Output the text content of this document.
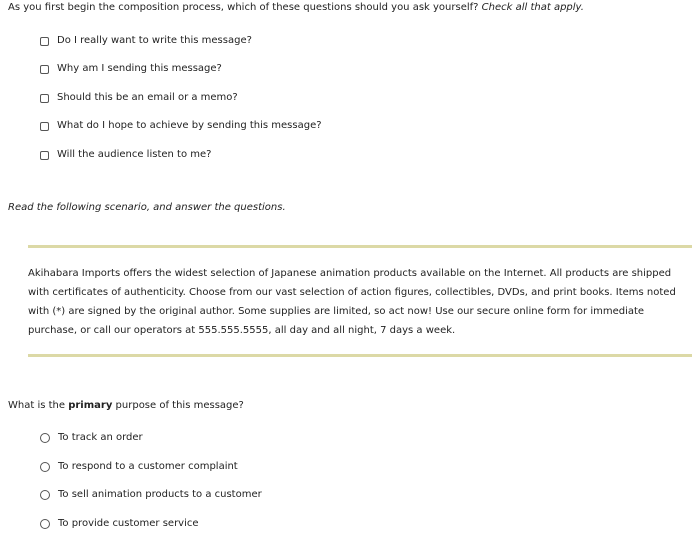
As you first begin the composition process, which of these questions should you ask yourself? Check all that apply.
Do I really want to write this message?
Why am I sending this message?
Should this be an email or a memo?
What do I hope to achieve by sending this message?
Will the audience listen to me?
Read the following scenario, and answer the questions.
Akihabara Imports offers the widest selection of Japanese animation products available on the Internet. All products are shipped with certificates of authenticity. Choose from our vast selection of action figures, collectibles, DVDs, and print books. Items noted with (*) are signed by the original author. Some supplies are limited, so act now! Use our secure online form for immediate purchase, or call our operators at 555.555.5555, all day and all night, 7 days a week.
What is the primary purpose of this message?
To track an order
To respond to a customer complaint
To sell animation products to a customer
To provide customer service
